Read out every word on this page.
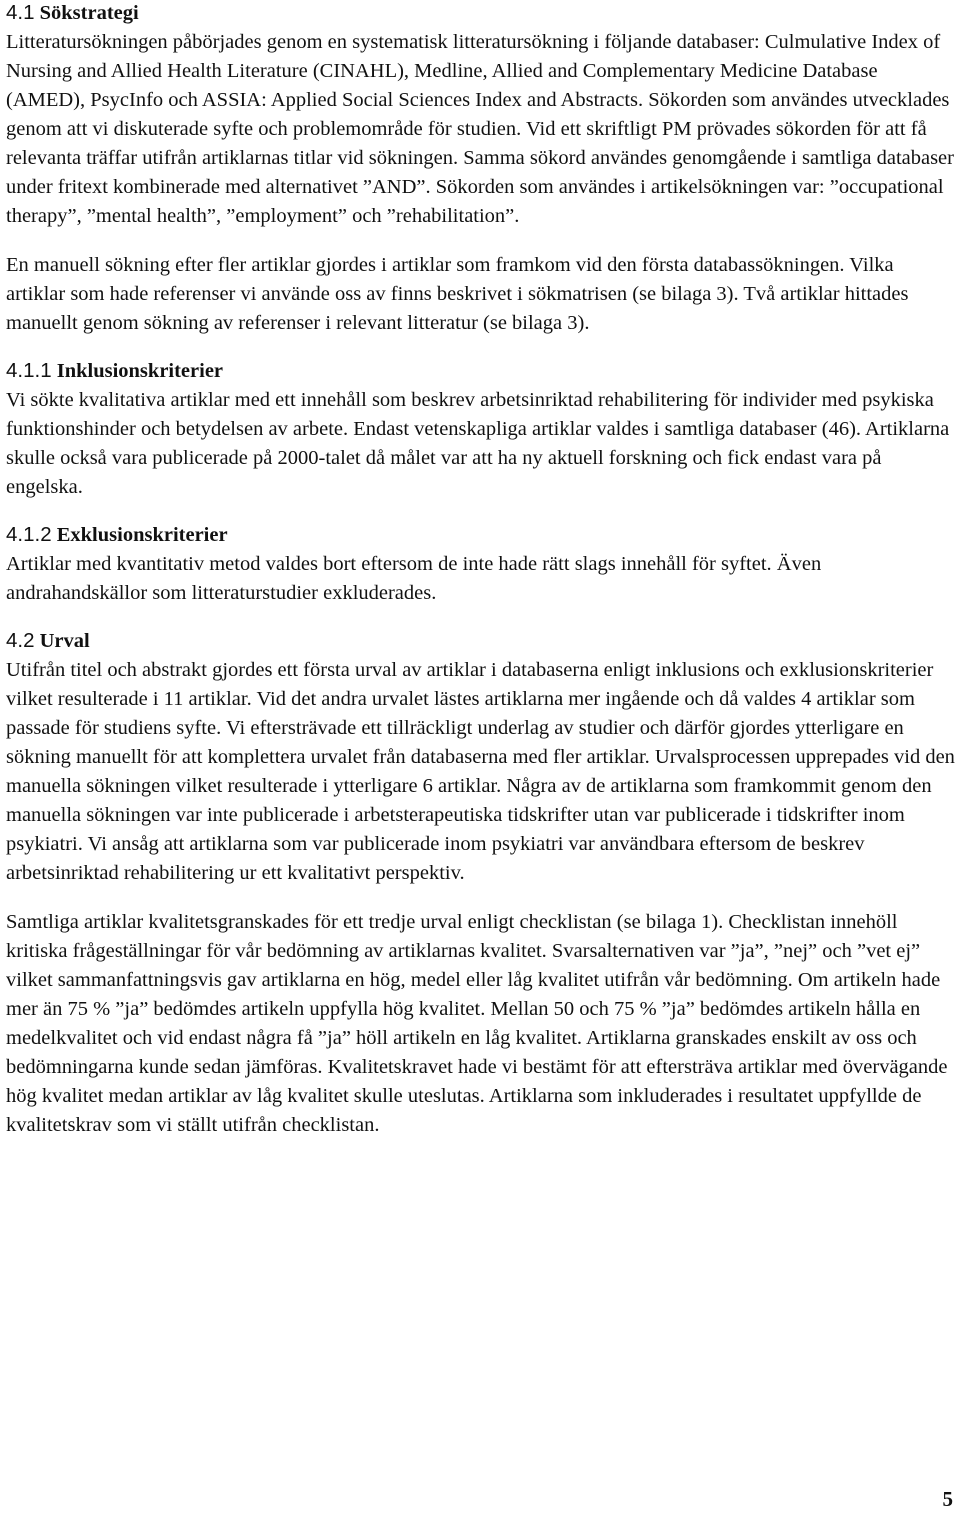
4.1 Sökstrategi

Litteratursökningen påbörjades genom en systematisk litteratursökning i följande databaser: Culmulative Index of Nursing and Allied Health Literature (CINAHL), Medline, Allied and Complementary Medicine Database (AMED), PsycInfo och ASSIA: Applied Social Sciences Index and Abstracts. Sökorden som användes utvecklades genom att vi diskuterade syfte och problemområde för studien. Vid ett skriftligt PM prövades sökorden för att få relevanta träffar utifrån artiklarnas titlar vid sökningen. Samma sökord användes genomgående i samtliga databaser under fritext kombinerade med alternativet ”AND”. Sökorden som användes i artikelsökningen var: ”occupational therapy”, ”mental health”, ”employment” och ”rehabilitation”.

En manuell sökning efter fler artiklar gjordes i artiklar som framkom vid den första databassökningen. Vilka artiklar som hade referenser vi använde oss av finns beskrivet i sökmatrisen (se bilaga 3). Två artiklar hittades manuellt genom sökning av referenser i relevant litteratur (se bilaga 3).

4.1.1 Inklusionskriterier

Vi sökte kvalitativa artiklar med ett innehåll som beskrev arbetsinriktad rehabilitering för individer med psykiska funktionshinder och betydelsen av arbete. Endast vetenskapliga artiklar valdes i samtliga databaser (46). Artiklarna skulle också vara publicerade på 2000-talet då målet var att ha ny aktuell forskning och fick endast vara på engelska.

4.1.2 Exklusionskriterier

Artiklar med kvantitativ metod valdes bort eftersom de inte hade rätt slags innehåll för syftet. Även andrahandskällor som litteraturstudier exkluderades.

4.2 Urval

Utifrån titel och abstrakt gjordes ett första urval av artiklar i databaserna enligt inklusions och exklusionskriterier vilket resulterade i 11 artiklar. Vid det andra urvalet lästes artiklarna mer ingående och då valdes 4 artiklar som passade för studiens syfte. Vi eftersträvade ett tillräckligt underlag av studier och därför gjordes ytterligare en sökning manuellt för att komplettera urvalet från databaserna med fler artiklar. Urvalsprocessen upprepades vid den manuella sökningen vilket resulterade i ytterligare 6 artiklar. Några av de artiklarna som framkommit genom den manuella sökningen var inte publicerade i arbetsterapeutiska tidskrifter utan var publicerade i tidskrifter inom psykiatri. Vi ansåg att artiklarna som var publicerade inom psykiatri var användbara eftersom de beskrev arbetsinriktad rehabilitering ur ett kvalitativt perspektiv.

Samtliga artiklar kvalitetsgranskades för ett tredje urval enligt checklistan (se bilaga 1). Checklistan innehöll kritiska frågeställningar för vår bedömning av artiklarnas kvalitet. Svarsalternativen var ”ja”, ”nej” och ”vet ej” vilket sammanfattningsvis gav artiklarna en hög, medel eller låg kvalitet utifrån vår bedömning. Om artikeln hade mer än 75 % ”ja” bedömdes artikeln uppfylla hög kvalitet. Mellan 50 och 75 % ”ja” bedömdes artikeln hålla en medelkvalitet och vid endast några få ”ja” höll artikeln en låg kvalitet. Artiklarna granskades enskilt av oss och bedömningarna kunde sedan jämföras. Kvalitetskravet hade vi bestämt för att eftersträva artiklar med övervägande hög kvalitet medan artiklar av låg kvalitet skulle uteslutas. Artiklarna som inkluderades i resultatet uppfyllde de kvalitetskrav som vi ställt utifrån checklistan.

5
